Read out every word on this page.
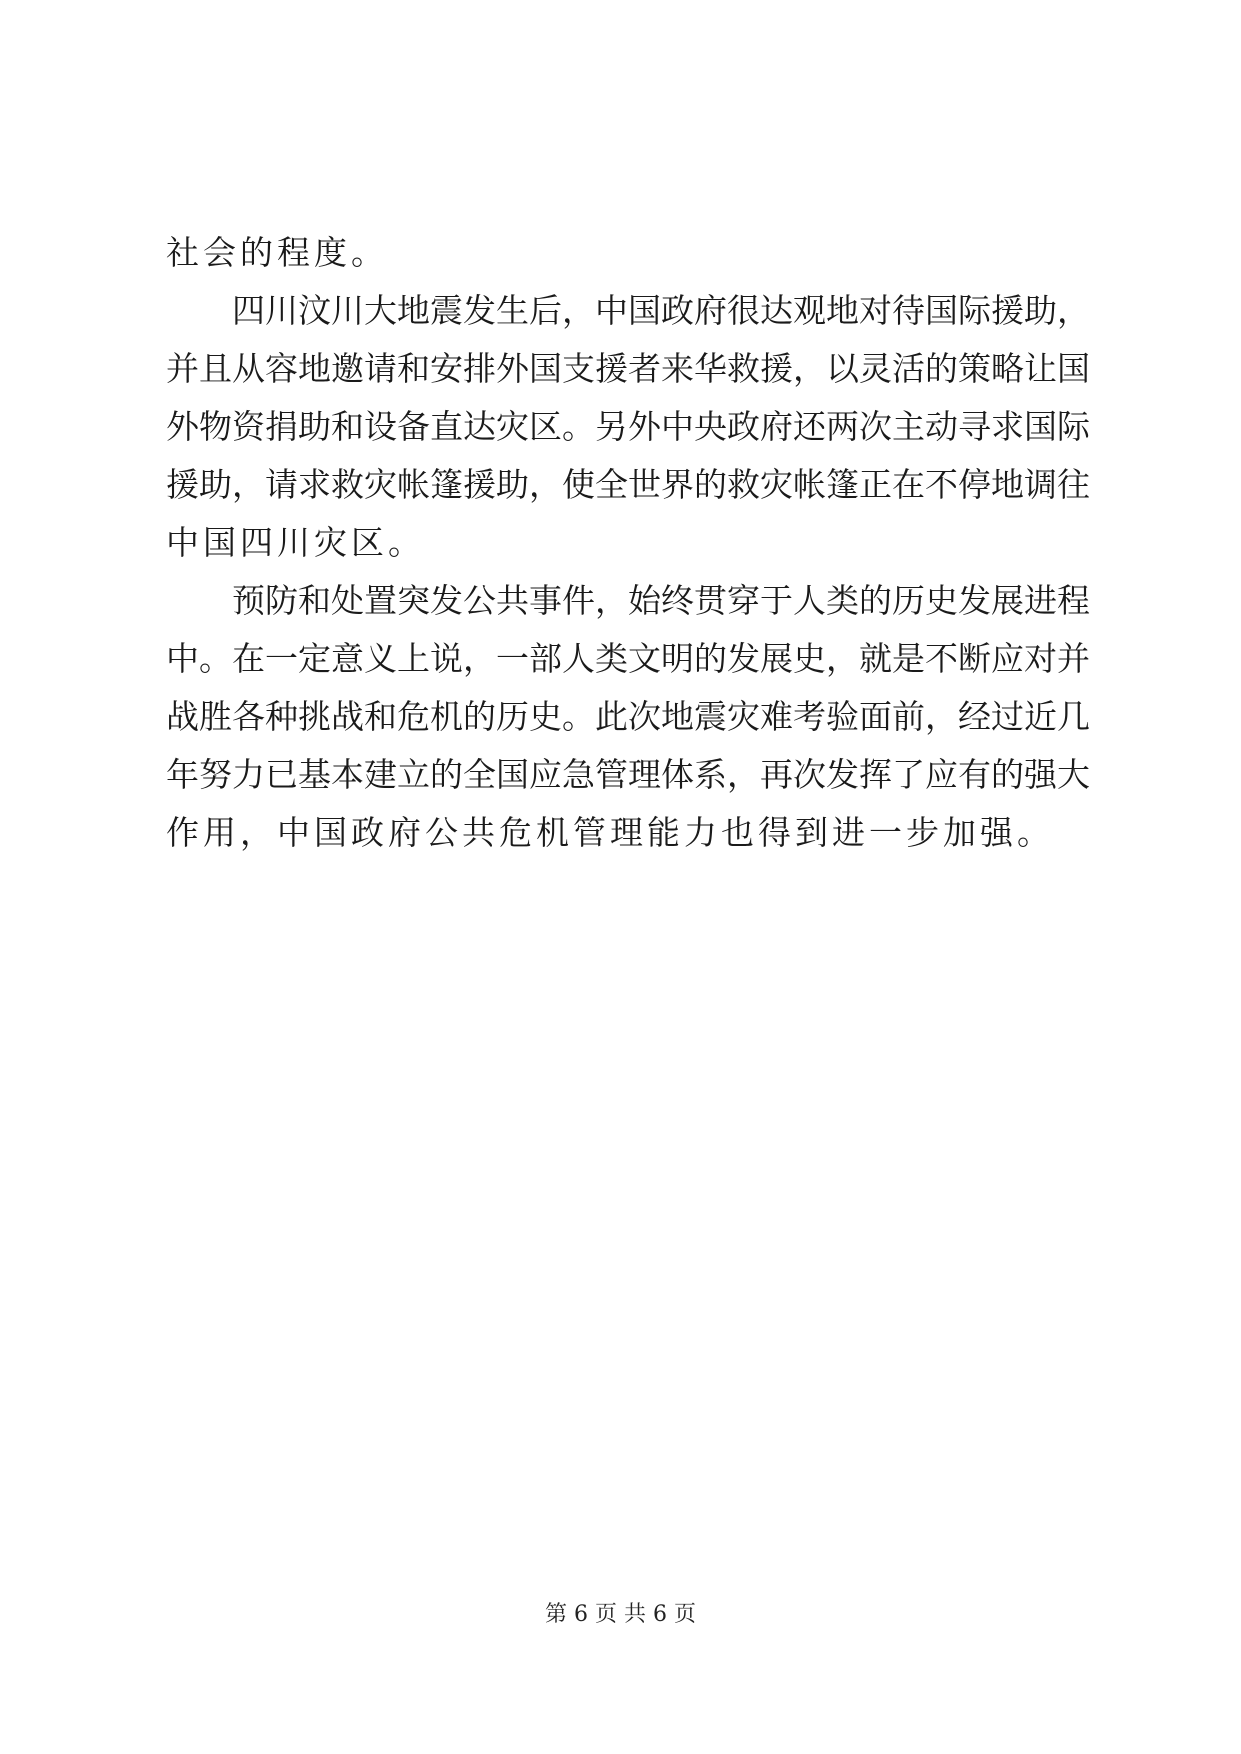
社会的程度。
四川汶川大地震发生后，中国政府很达观地对待国际援助，
并且从容地邀请和安排外国支援者来华救援，以灵活的策略让国
外物资捐助和设备直达灾区。另外中央政府还两次主动寻求国际
援助，请求救灾帐篷援助，使全世界的救灾帐篷正在不停地调往
中国四川灾区。
预防和处置突发公共事件，始终贯穿于人类的历史发展进程
中。在一定意义上说，一部人类文明的发展史，就是不断应对并
战胜各种挑战和危机的历史。此次地震灾难考验面前，经过近几
年努力已基本建立的全国应急管理体系，再次发挥了应有的强大
作用，中国政府公共危机管理能力也得到进一步加强。
第 6 页 共 6 页
